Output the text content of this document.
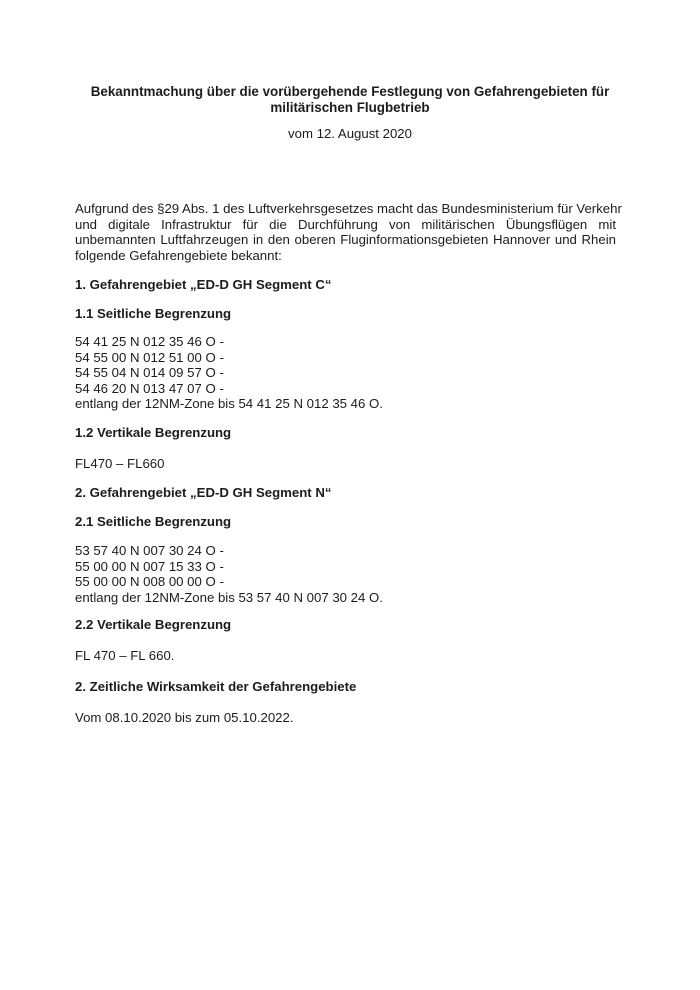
Bekanntmachung über die vorübergehende Festlegung von Gefahrengebieten für
militärischen Flugbetrieb
vom 12. August 2020
Aufgrund des §29 Abs. 1 des Luftverkehrsgesetzes macht das Bundesministerium für Verkehr
und digitale Infrastruktur für die Durchführung von militärischen Übungsflügen mit
unbemannten Luftfahrzeugen in den oberen Fluginformationsgebieten Hannover und Rhein
folgende Gefahrengebiete bekannt:
1. Gefahrengebiet „ED-D GH Segment C“
1.1 Seitliche Begrenzung
54 41 25 N 012 35 46 O -
54 55 00 N 012 51 00 O -
54 55 04 N 014 09 57 O -
54 46 20 N 013 47 07 O -
entlang der 12NM-Zone bis 54 41 25 N 012 35 46 O.
1.2 Vertikale Begrenzung
FL470 – FL660
2. Gefahrengebiet „ED-D GH Segment N“
2.1 Seitliche Begrenzung
53 57 40 N 007 30 24 O -
55 00 00 N 007 15 33 O -
55 00 00 N 008 00 00 O -
entlang der 12NM-Zone bis 53 57 40 N 007 30 24 O.
2.2 Vertikale Begrenzung
FL 470 – FL 660.
2. Zeitliche Wirksamkeit der Gefahrengebiete
Vom 08.10.2020 bis zum 05.10.2022.
